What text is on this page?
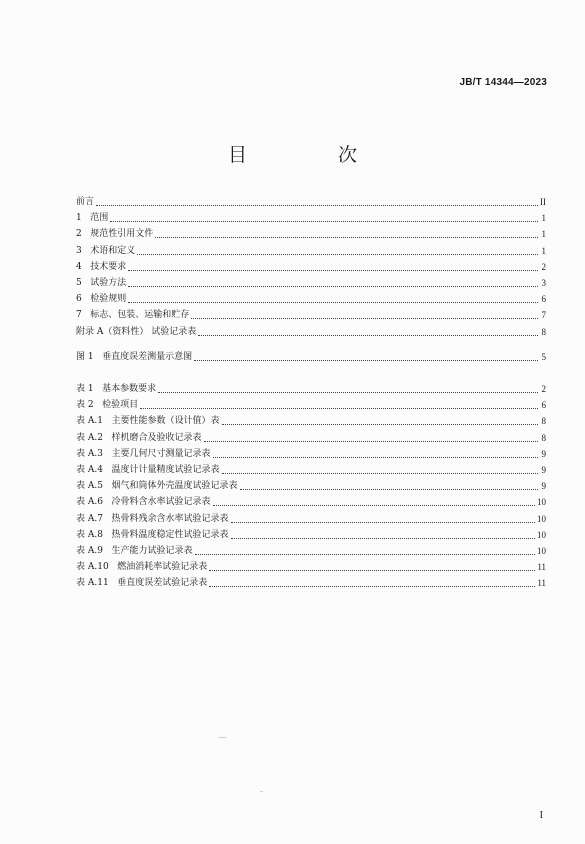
JB/T 14344—2023
目　次
前言	II
1   范围	1
2   规范性引用文件	1
3   术语和定义	1
4   技术要求	2
5   试验方法	3
6   检验规则	6
7   标志、包装、运输和贮存	7
附录 A（资料性） 试验记录表	8
图 1   垂直度误差测量示意图	5
表 1   基本参数要求	2
表 2   检验项目	6
表 A.1   主要性能参数（设计值）表	8
表 A.2   样机磨合及验收记录表	8
表 A.3   主要几何尺寸测量记录表	9
表 A.4   温度计计量精度试验记录表	9
表 A.5   烟气和筒体外壳温度试验记录表	9
表 A.6   冷骨料含水率试验记录表	10
表 A.7   热骨料残余含水率试验记录表	10
表 A.8   热骨料温度稳定性试验记录表	10
表 A.9   生产能力试验记录表	10
表 A.10   燃油消耗率试验记录表	11
表 A.11   垂直度误差试验记录表	11
I
